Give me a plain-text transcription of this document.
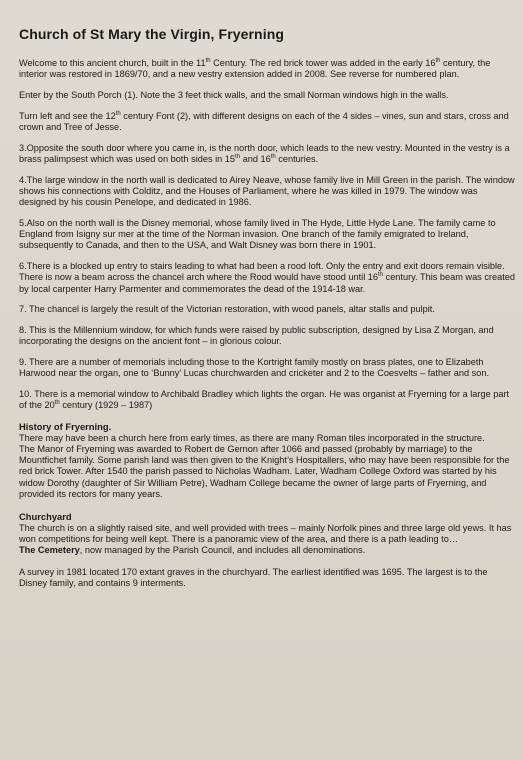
Church of St Mary the Virgin, Fryerning

Welcome to this ancient church, built in the 11th Century. The red brick tower was added in the early 16th century, the interior was restored in 1869/70, and a new vestry extension added in 2008. See reverse for numbered plan.

Enter by the South Porch (1). Note the 3 feet thick walls, and the small Norman windows high in the walls.

Turn left and see the 12th century Font (2), with different designs on each of the 4 sides – vines, sun and stars, cross and crown and Tree of Jesse.

3.Opposite the south door where you came in, is the north door, which leads to the new vestry. Mounted in the vestry is a brass palimpsest which was used on both sides in 15th and 16th centuries.

4.The large window in the north wall is dedicated to Airey Neave, whose family live in Mill Green in the parish. The window shows his connections with Colditz, and the Houses of Parliament, where he was killed in 1979. The window was designed by his cousin Penelope, and dedicated in 1986.

5.Also on the north wall is the Disney memorial, whose family lived in The Hyde, Little Hyde Lane. The family came to England from Isigny sur mer at the time of the Norman invasion. One branch of the family emigrated to Ireland, subsequently to Canada, and then to the USA, and Walt Disney was born there in 1901.

6.There is a blocked up entry to stairs leading to what had been a rood loft. Only the entry and exit doors remain visible. There is now a beam across the chancel arch where the Rood would have stood until 16th century. This beam was created by local carpenter Harry Parmenter and commemorates the dead of the 1914-18 war.

7. The chancel is largely the result of the Victorian restoration, with wood panels, altar stalls and pulpit.

8. This is the Millennium window, for which funds were raised by public subscription, designed by Lisa Z Morgan, and incorporating the designs on the ancient font – in glorious colour.

9. There are a number of memorials including those to the Kortright family mostly on brass plates, one to Elizabeth Harwood near the organ, one to ‘Bunny’ Lucas churchwarden and cricketer and 2 to the Coesvelts – father and son.

10. There is a memorial window to Archibald Bradley which lights the organ. He was organist at Fryerning for a large part of the 20th century (1929 – 1987)

History of Fryerning.

There may have been a church here from early times, as there are many Roman tiles incorporated in the structure.

The Manor of Fryerning was awarded to Robert de Gernon after 1066 and passed (probably by marriage) to the Mountfichet family. Some parish land was then given to the Knight’s Hospitallers, who may have been responsible for the red brick Tower. After 1540 the parish passed to Nicholas Wadham. Later, Wadham College Oxford was started by his widow Dorothy (daughter of Sir William Petre), Wadham College became the owner of large parts of Fryerning, and provided its rectors for many years.

Churchyard

The church is on a slightly raised site, and well provided with trees – mainly Norfolk pines and three large old yews. It has won competitions for being well kept. There is a panoramic view of the area, and there is a path leading to…

The Cemetery, now managed by the Parish Council, and includes all denominations.

A survey in 1981 located 170 extant graves in the churchyard. The earliest identified was 1695. The largest is to the Disney family, and contains 9 interments.
